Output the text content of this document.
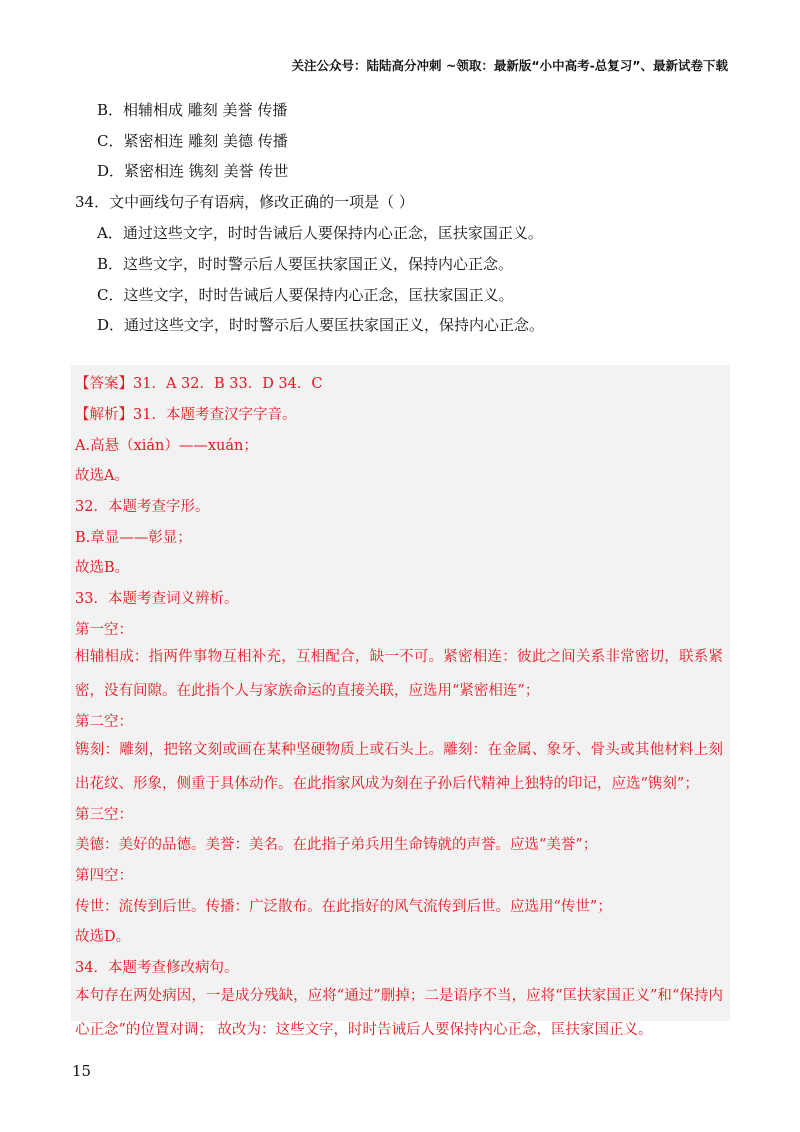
关注公众号：陆陆高分冲刺 ~领取：最新版“小中高考-总复习”、最新试卷下载
B．相辅相成 雕刻 美誉 传播
C．紧密相连 雕刻 美德 传播
D．紧密相连 镌刻 美誉 传世
34．文中画线句子有语病，修改正确的一项是（ ）
A．通过这些文字，时时告诫后人要保持内心正念，匡扶家国正义。
B．这些文字，时时警示后人要匡扶家国正义，保持内心正念。
C．这些文字，时时告诫后人要保持内心正念，匡扶家国正义。
D．通过这些文字，时时警示后人要匡扶家国正义，保持内心正念。
【答案】31．A 32．B 33．D 34．C
【解析】31．本题考查汉字字音。
A.高悬（xián）——xuán；
故选A。
32．本题考查字形。
B.章显——彰显；
故选B。
33．本题考查词义辨析。
第一空：
相辅相成：指两件事物互相补充，互相配合，缺一不可。紧密相连：彼此之间关系非常密切，联系紧密，没有间隙。在此指个人与家族命运的直接关联，应选用“紧密相连”；
第二空：
镌刻：雕刻，把铭文刻或画在某种坚硬物质上或石头上。雕刻：在金属、象牙、骨头或其他材料上刻出花纹、形象，侧重于具体动作。在此指家风成为刻在子孙后代精神上独特的印记，应选“镌刻”；
第三空：
美德：美好的品德。美誉：美名。在此指子弟兵用生命铸就的声誉。应选“美誉”；
第四空：
传世：流传到后世。传播：广泛散布。在此指好的风气流传到后世。应选用“传世”；
故选D。
34．本题考查修改病句。
本句存在两处病因，一是成分残缺，应将“通过”删掉；二是语序不当，应将“匡扶家国正义”和“保持内心正念”的位置对调； 故改为：这些文字，时时告诫后人要保持内心正念，匡扶家国正义。
15
